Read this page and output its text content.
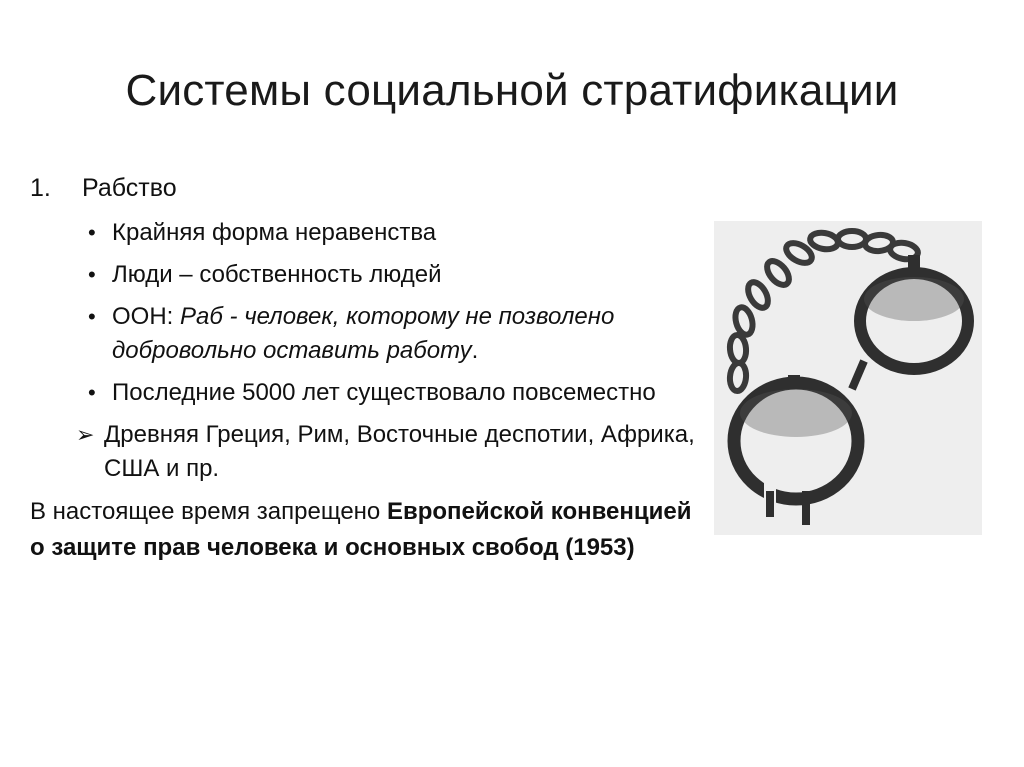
Системы социальной стратификации
1. Рабство
• Крайняя форма неравенства
• Люди – собственность людей
• ООН: Раб - человек, которому не позволено добровольно оставить работу.
• Последние 5000 лет существовало повсеместно
➢ Древняя Греция, Рим, Восточные деспотии, Африка, США и пр.
В настоящее время запрещено Европейской конвенцией о защите прав человека и основных свобод (1953)
